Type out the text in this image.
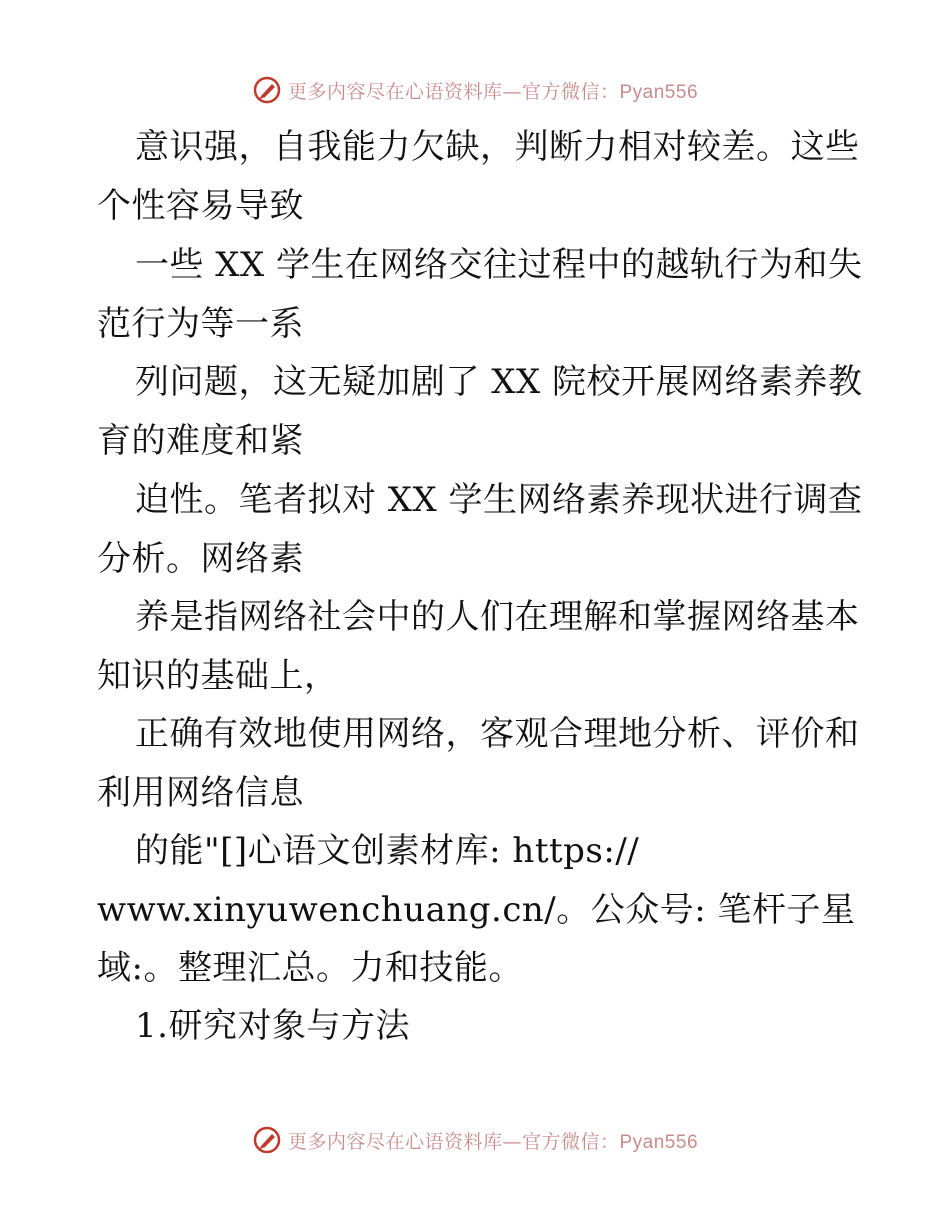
更多内容尽在心语资料库—官方微信：Pyan556
意识强，自我能力欠缺，判断力相对较差。这些
个性容易导致
一些 XX 学生在网络交往过程中的越轨行为和失
范行为等一系
列问题，这无疑加剧了 XX 院校开展网络素养教
育的难度和紧
迫性。笔者拟对 XX 学生网络素养现状进行调查
分析。网络素
养是指网络社会中的人们在理解和掌握网络基本
知识的基础上，
正确有效地使用网络，客观合理地分析、评价和
利用网络信息
的能"[]心语文创素材库: https://
www.xinyuwenchuang.cn/。公众号: 笔杆子星
域:。整理汇总。力和技能。
1.研究对象与方法
更多内容尽在心语资料库—官方微信：Pyan556
